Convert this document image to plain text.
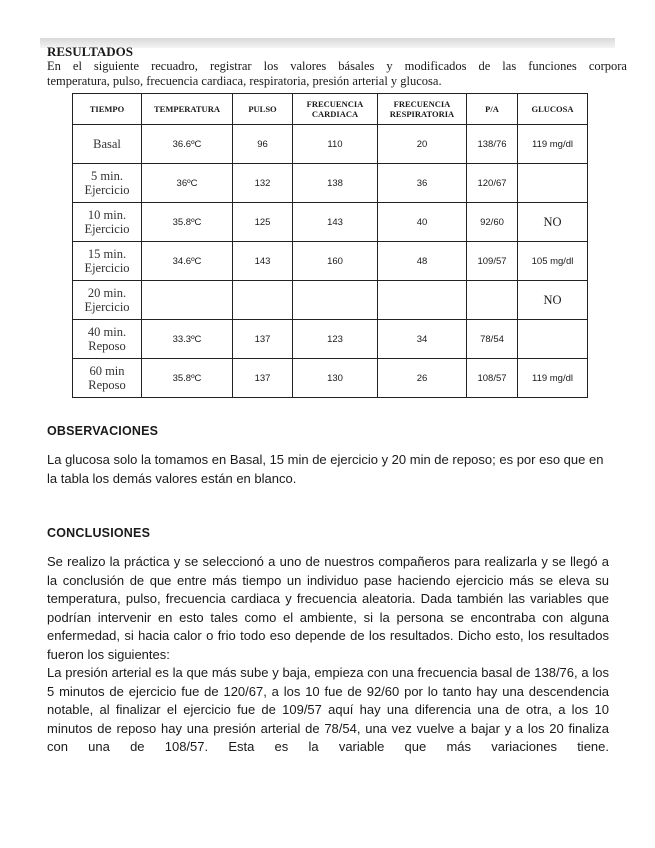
RESULTADOS

En el siguiente recuadro, registrar los valores básales y modificados de las funciones corpora
temperatura, pulso, frecuencia cardiaca, respiratoria, presión arterial y glucosa.

TIEMPO	TEMPERATURA	PULSO	FRECUENCIA CARDIACA	FRECUENCIA RESPIRATORIA	P/A	GLUCOSA
Basal	36.6ºC	96	110	20	138/76	119 mg/dl
5 min. Ejercicio	36ºC	132	138	36	120/67	
10 min. Ejercicio	35.8ºC	125	143	40	92/60	NO
15 min. Ejercicio	34.6ºC	143	160	48	109/57	105 mg/dl
20 min. Ejercicio						NO
40 min. Reposo	33.3ºC	137	123	34	78/54	
60 min Reposo	35.8ºC	137	130	26	108/57	119 mg/dl
OBSERVACIONES

La glucosa solo la tomamos en Basal, 15 min de ejercicio y 20 min de reposo; es por eso que en la tabla los demás valores están en blanco.

CONCLUSIONES
Se realizo la práctica y se seleccionó a uno de nuestros compañeros para realizarla y se llegó a la conclusión de que entre más tiempo un individuo pase haciendo ejercicio más se eleva su temperatura, pulso, frecuencia cardiaca y frecuencia aleatoria. Dada también las variables que podrían intervenir en esto tales como el ambiente, si la persona se encontraba con alguna enfermedad, si hacia calor o frio todo eso depende de los resultados. Dicho esto, los resultados fueron los siguientes:
La presión arterial es la que más sube y baja, empieza con una frecuencia basal de 138/76, a los 5 minutos de ejercicio fue de 120/67, a los 10 fue de 92/60 por lo tanto hay una descendencia notable, al finalizar el ejercicio fue de 109/57 aquí hay una diferencia una de otra, a los 10 minutos de reposo hay una presión arterial de 78/54, una vez vuelve a bajar y a los 20 finaliza con una de 108/57. Esta es la variable que más variaciones tiene.
